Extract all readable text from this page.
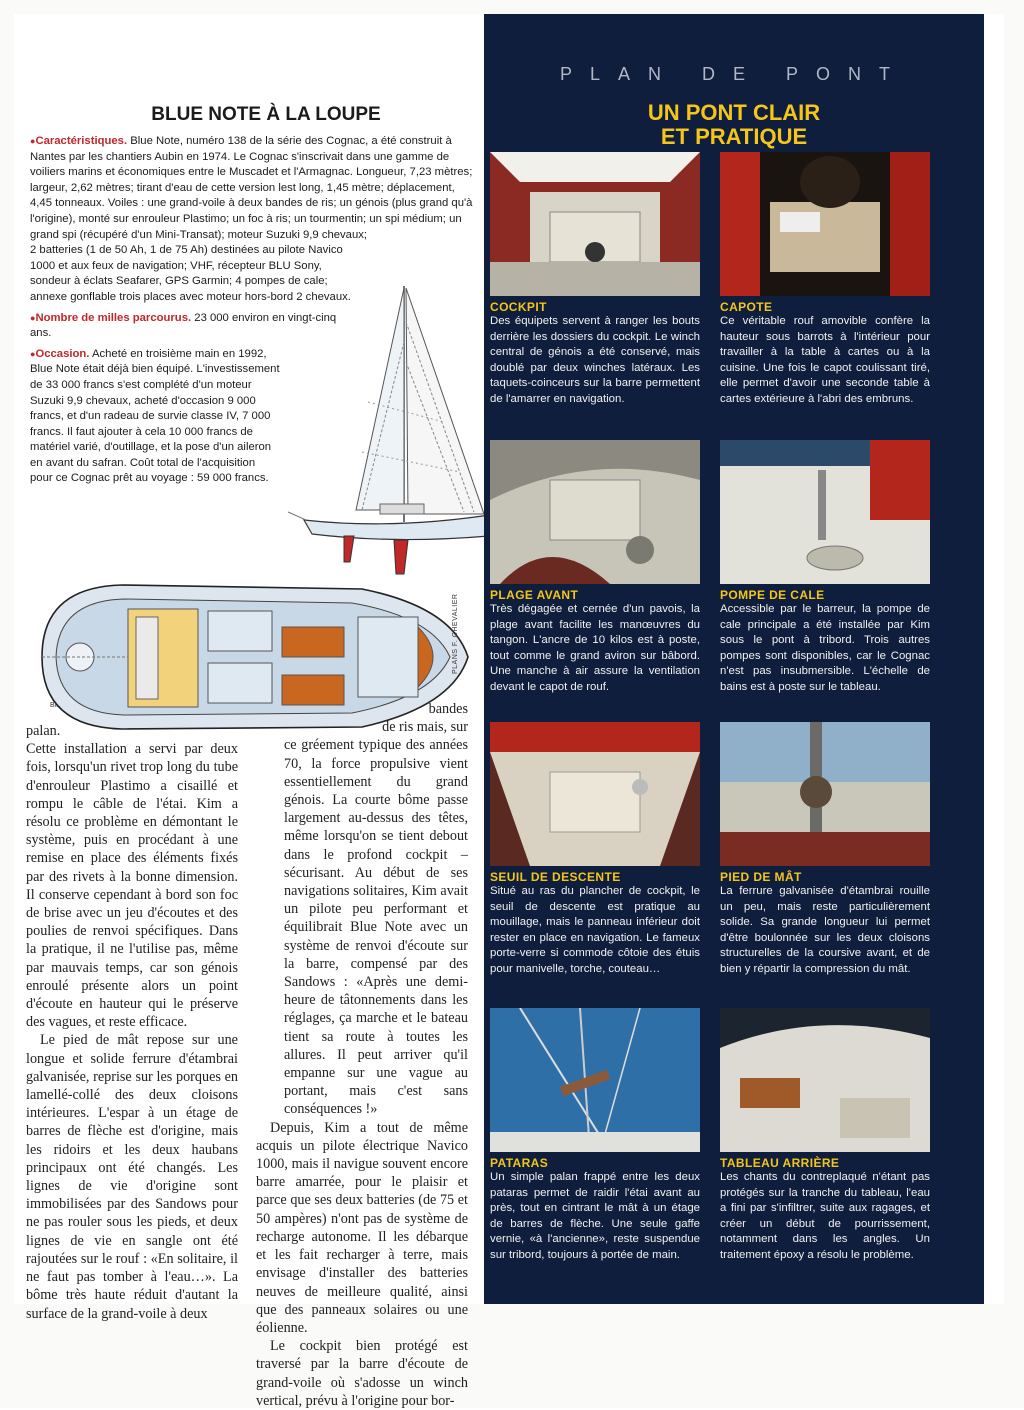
BLUE NOTE À LA LOUPE

● Caractéristiques. Blue Note, numéro 138 de la série des Cognac, a été construit à Nantes par les chantiers Aubin en 1974. Le Cognac s'inscrivait dans une gamme de voiliers marins et économiques entre le Muscadet et l'Armagnac. Longueur, 7,23 mètres; largeur, 2,62 mètres; tirant d'eau de cette version lest long, 1,45 mètre; déplacement, 4,45 tonneaux. Voiles : une grand-voile à deux bandes de ris; un génois (plus grand qu'à l'origine), monté sur enrouleur Plastimo; un foc à ris; un tourmentin; un spi médium; un grand spi (récupéré d'un Mini-Transat); moteur Suzuki 9,9 chevaux;

2 batteries (1 de 50 Ah, 1 de 75 Ah) destinées au pilote Navico 1000 et aux feux de navigation; VHF, récepteur BLU Sony, sondeur à éclats Seafarer, GPS Garmin; 4 pompes de cale; annexe gonflable trois places avec moteur hors-bord 2 chevaux.

● Nombre de milles parcourus. 23 000 environ en vingt-cinq ans.

● Occasion. Acheté en troisième main en 1992, Blue Note était déjà bien équipé. L'investissement de 33 000 francs s'est complété d'un moteur Suzuki 9,9 chevaux, acheté d'occasion 9 000 francs, et d'un radeau de survie classe IV, 7 000 francs. Il faut ajouter à cela 10 000 francs de matériel varié, d'outillage, et la pose d'un aileron en avant du safran. Coût total de l'acquisition pour ce Cognac prêt au voyage : 59 000 francs.

Bt.
PLANS F. CHEVALIER
bandes
de ris mais, sur

ce gréement typique des années 70, la force propulsive vient essentiellement du grand génois. La courte bôme passe largement au-dessus des têtes, même lorsqu'on se tient debout dans le profond cockpit – sécurisant. Au début de ses navigations solitaires, Kim avait un pilote peu performant et équilibrait Blue Note avec un système de renvoi d'écoute sur la barre, compensé par des Sandows : «Après une demi-heure de tâtonnements dans les réglages, ça marche et le bateau tient sa route à toutes les allures. Il peut arriver qu'il empanne sur une vague au portant, mais c'est sans conséquences !»

Depuis, Kim a tout de même acquis un pilote électrique Navico 1000, mais il navigue souvent encore barre amarrée, pour le plaisir et parce que ses deux batteries (de 75 et 50 ampères) n'ont pas de système de recharge autonome. Il les débarque et les fait recharger à terre, mais envisage d'installer des batteries neuves de meilleure qualité, ainsi que des panneaux solaires ou une éolienne.

Le cockpit bien protégé est traversé par la barre d'écoute de grand-voile où s'adosse un winch vertical, prévu à l'origine pour bor-

palan.

Cette installation a servi par deux fois, lorsqu'un rivet trop long du tube d'enrouleur Plastimo a cisaillé et rompu le câble de l'étai. Kim a résolu ce problème en démontant le système, puis en procédant à une remise en place des éléments fixés par des rivets à la bonne dimension. Il conserve cependant à bord son foc de brise avec un jeu d'écoutes et des poulies de renvoi spécifiques. Dans la pratique, il ne l'utilise pas, même par mauvais temps, car son génois enroulé présente alors un point d'écoute en hauteur qui le préserve des vagues, et reste efficace.

Le pied de mât repose sur une longue et solide ferrure d'étambrai galvanisée, reprise sur les porques en lamellé-collé des deux cloisons intérieures. L'espar à un étage de barres de flèche est d'origine, mais les ridoirs et les deux haubans principaux ont été changés. Les lignes de vie d'origine sont immobilisées par des Sandows pour ne pas rouler sous les pieds, et deux lignes de vie en sangle ont été rajoutées sur le rouf : «En solitaire, il ne faut pas tomber à l'eau…». La bôme très haute réduit d'autant la surface de la grand-voile à deux

PLAN DE PONT
UN PONT CLAIR
ET PRATIQUE
COCKPIT
Des équipets servent à ranger les bouts derrière les dossiers du cockpit. Le winch central de génois a été conservé, mais doublé par deux winches latéraux. Les taquets-coinceurs sur la barre permettent de l'amarrer en navigation.
CAPOTE
Ce véritable rouf amovible confère la hauteur sous barrots à l'intérieur pour travailler à la table à cartes ou à la cuisine. Une fois le capot coulissant tiré, elle permet d'avoir une seconde table à cartes extérieure à l'abri des embruns.
PLAGE AVANT
Très dégagée et cernée d'un pavois, la plage avant facilite les manœuvres du tangon. L'ancre de 10 kilos est à poste, tout comme le grand aviron sur bâbord. Une manche à air assure la ventilation devant le capot de rouf.
POMPE DE CALE
Accessible par le barreur, la pompe de cale principale a été installée par Kim sous le pont à tribord. Trois autres pompes sont disponibles, car le Cognac n'est pas insubmersible. L'échelle de bains est à poste sur le tableau.
SEUIL DE DESCENTE
Situé au ras du plancher de cockpit, le seuil de descente est pratique au mouillage, mais le panneau inférieur doit rester en place en navigation. Le fameux porte-verre si commode côtoie des étuis pour manivelle, torche, couteau…
PIED DE MÂT
La ferrure galvanisée d'étambrai rouille un peu, mais reste particulièrement solide. Sa grande longueur lui permet d'être boulonnée sur les deux cloisons structurelles de la coursive avant, et de bien y répartir la compression du mât.
PATARAS
Un simple palan frappé entre les deux pataras permet de raidir l'étai avant au près, tout en cintrant le mât à un étage de barres de flèche. Une seule gaffe vernie, «à l'ancienne», reste suspendue sur tribord, toujours à portée de main.
TABLEAU ARRIÈRE
Les chants du contreplaqué n'étant pas protégés sur la tranche du tableau, l'eau a fini par s'infiltrer, suite aux ragages, et créer un début de pourrissement, notamment dans les angles. Un traitement époxy a résolu le problème.
